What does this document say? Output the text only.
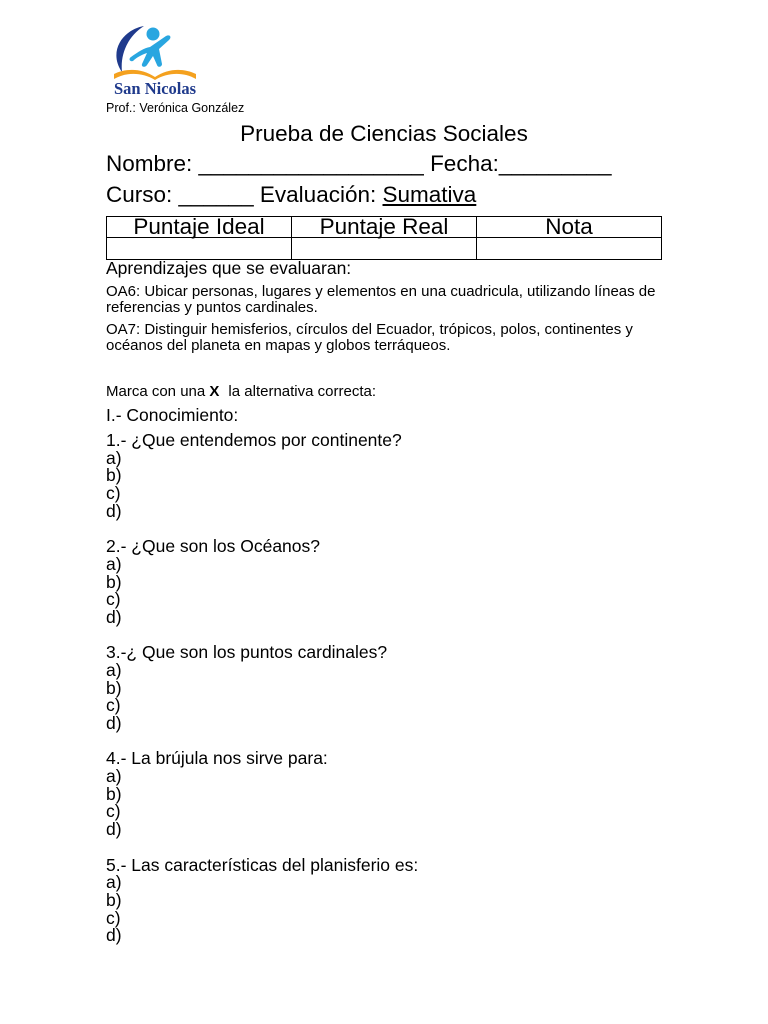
San Nicolas
Prof.: Verónica González
Prueba de Ciencias Sociales
Nombre: __________________ Fecha:_________
Curso: ______ Evaluación: Sumativa
Puntaje Ideal	Puntaje Real	Nota

Aprendizajes que se evaluaran:
OA6: Ubicar personas, lugares y elementos en una cuadricula, utilizando líneas de referencias y puntos cardinales.
OA7: Distinguir hemisferios, círculos del Ecuador, trópicos, polos, continentes y océanos del planeta en mapas y globos terráqueos.
Marca con una X la alternativa correcta:
I.- Conocimiento:
1.- ¿Que entendemos por continente?
a)
b)
c)
d)
2.- ¿Que son los Océanos?
a)
b)
c)
d)
3.-¿ Que son los puntos cardinales?
a)
b)
c)
d)
4.- La brújula nos sirve para:
a)
b)
c)
d)
5.- Las características del planisferio es:
a)
b)
c)
d)
